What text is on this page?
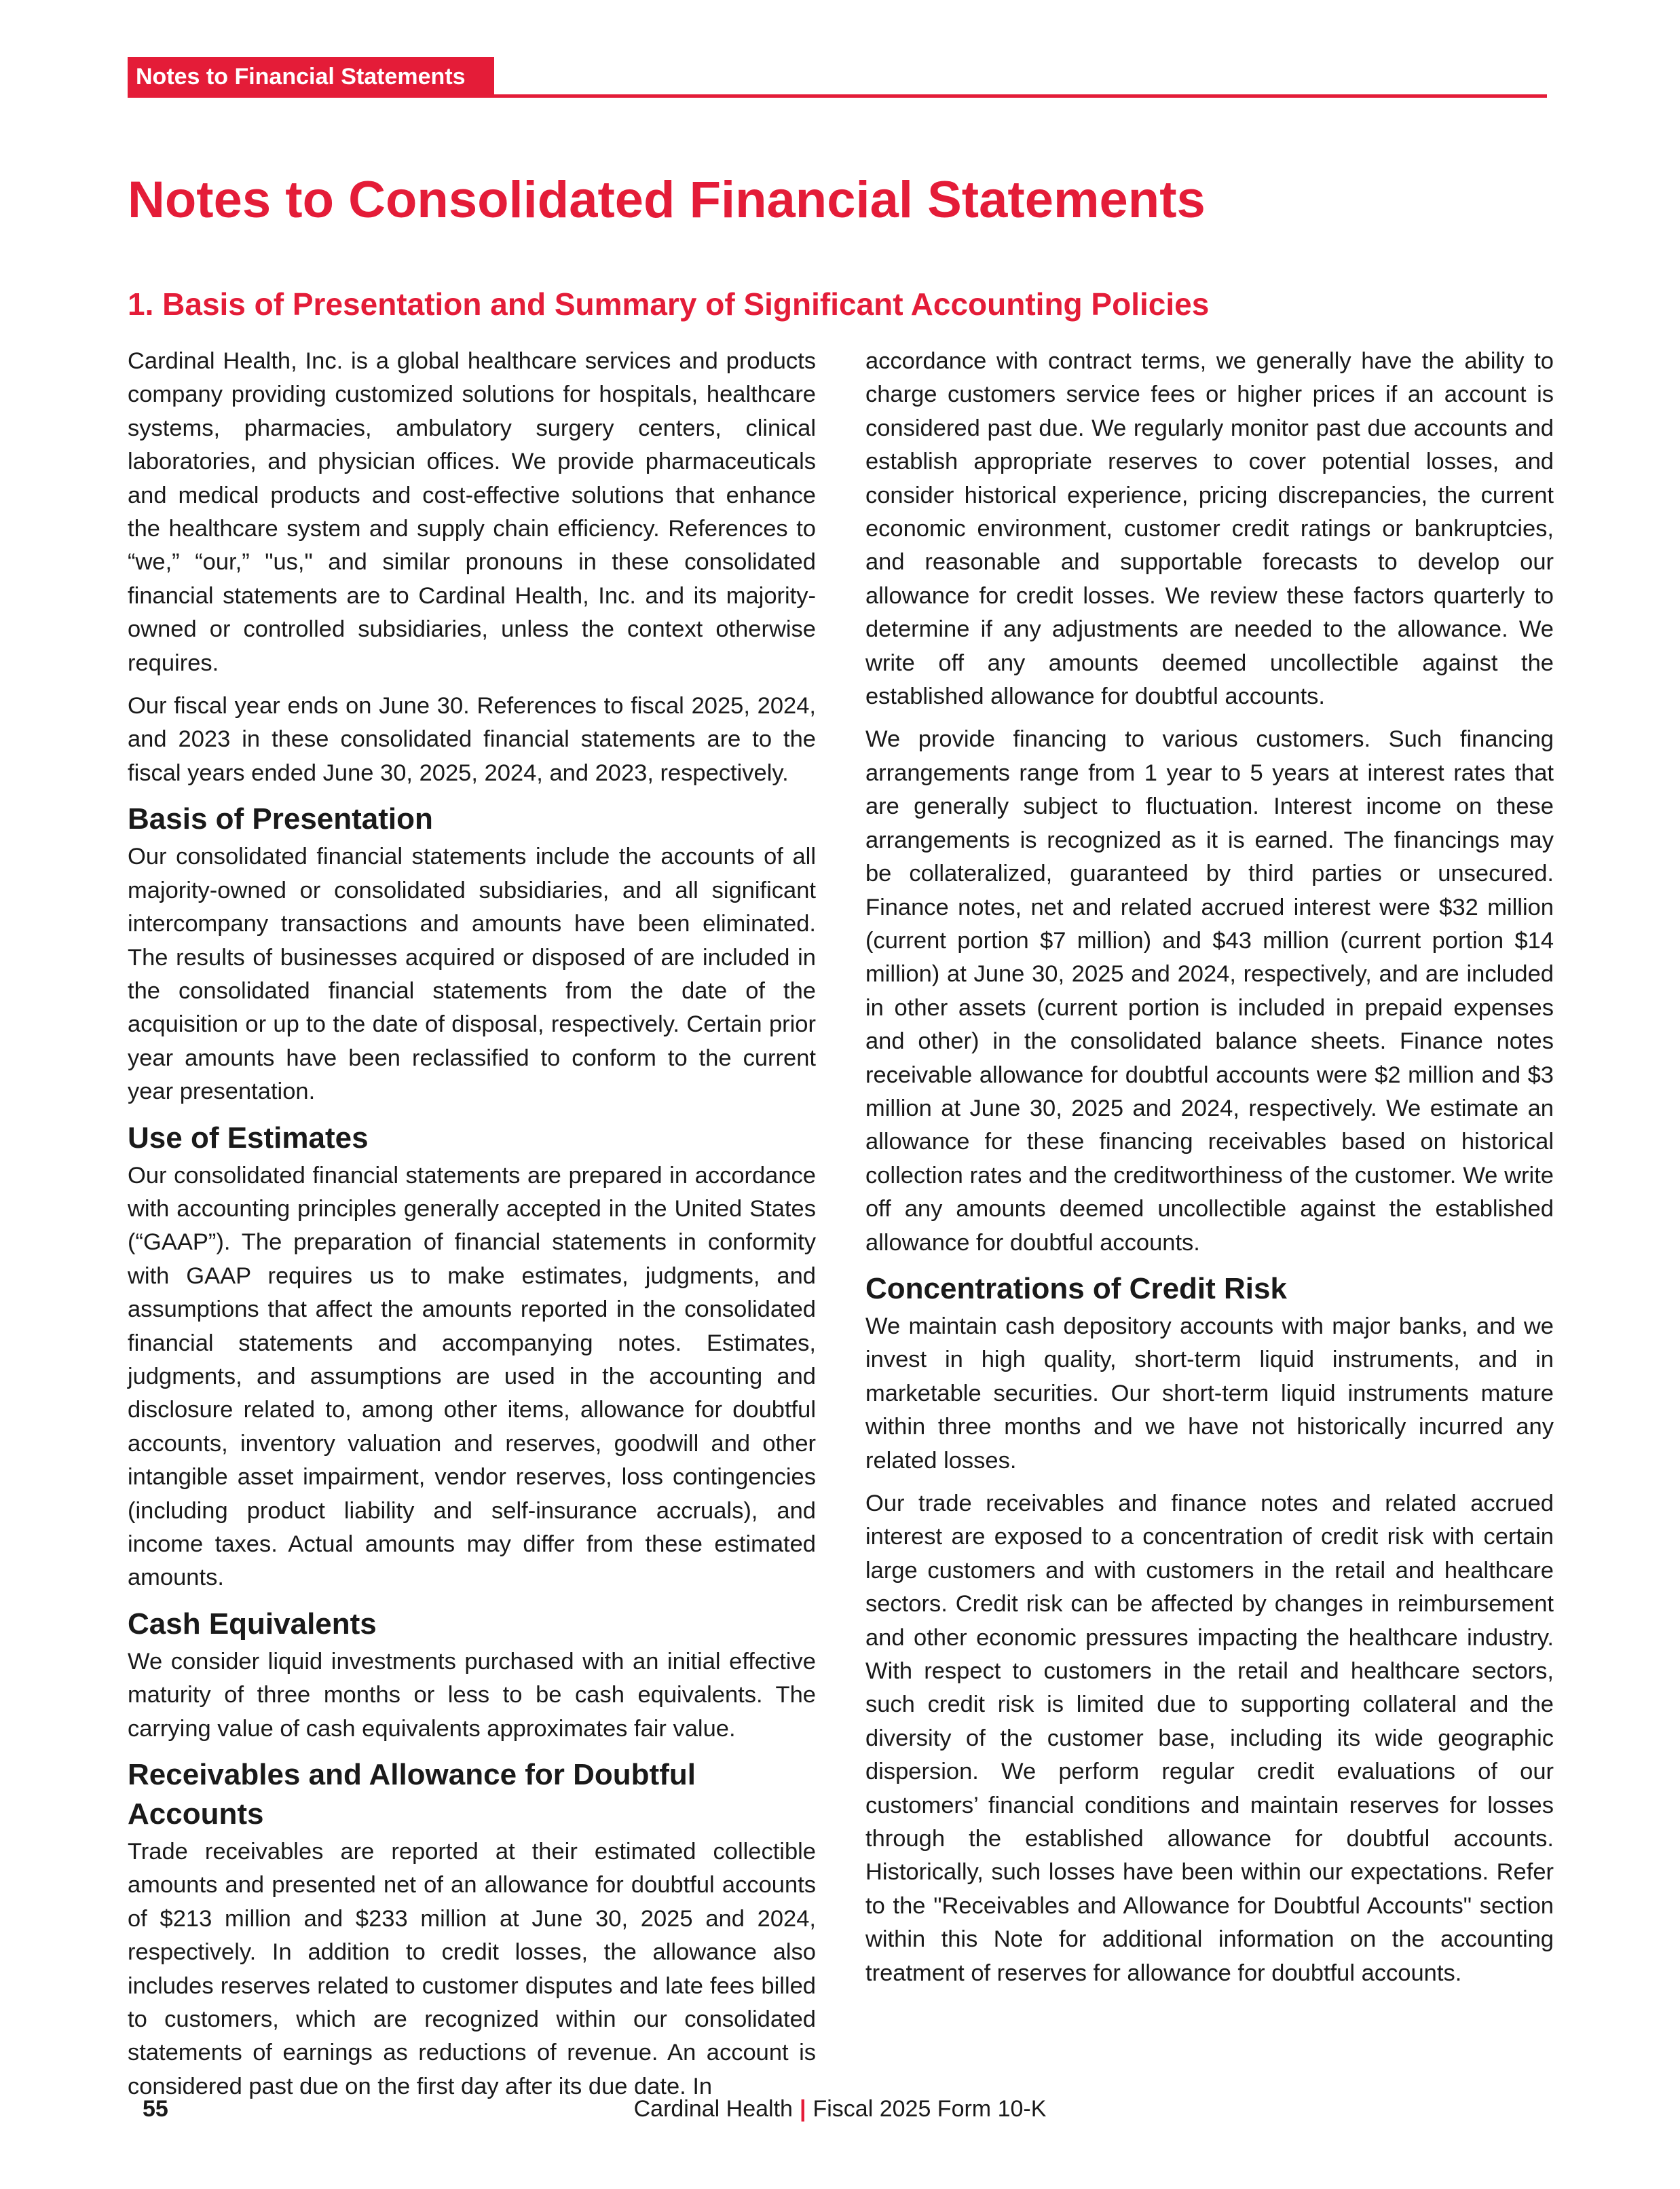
Notes to Financial Statements
Notes to Consolidated Financial Statements
1. Basis of Presentation and Summary of Significant Accounting Policies

Cardinal Health, Inc. is a global healthcare services and products company providing customized solutions for hospitals, healthcare systems, pharmacies, ambulatory surgery centers, clinical laboratories, and physician offices. We provide pharmaceuticals and medical products and cost-effective solutions that enhance the healthcare system and supply chain efficiency. References to “we,” “our,” "us," and similar pronouns in these consolidated financial statements are to Cardinal Health, Inc. and its majority-owned or controlled subsidiaries, unless the context otherwise requires.

Our fiscal year ends on June 30. References to fiscal 2025, 2024, and 2023 in these consolidated financial statements are to the fiscal years ended June 30, 2025, 2024, and 2023, respectively.

Basis of Presentation

Our consolidated financial statements include the accounts of all majority-owned or consolidated subsidiaries, and all significant intercompany transactions and amounts have been eliminated. The results of businesses acquired or disposed of are included in the consolidated financial statements from the date of the acquisition or up to the date of disposal, respectively. Certain prior year amounts have been reclassified to conform to the current year presentation.

Use of Estimates

Our consolidated financial statements are prepared in accordance with accounting principles generally accepted in the United States (“GAAP”). The preparation of financial statements in conformity with GAAP requires us to make estimates, judgments, and assumptions that affect the amounts reported in the consolidated financial statements and accompanying notes. Estimates, judgments, and assumptions are used in the accounting and disclosure related to, among other items, allowance for doubtful accounts, inventory valuation and reserves, goodwill and other intangible asset impairment, vendor reserves, loss contingencies (including product liability and self-insurance accruals), and income taxes. Actual amounts may differ from these estimated amounts.

Cash Equivalents

We consider liquid investments purchased with an initial effective maturity of three months or less to be cash equivalents. The carrying value of cash equivalents approximates fair value.

Receivables and Allowance for Doubtful Accounts

Trade receivables are reported at their estimated collectible amounts and presented net of an allowance for doubtful accounts of $213 million and $233 million at June 30, 2025 and 2024, respectively. In addition to credit losses, the allowance also includes reserves related to customer disputes and late fees billed to customers, which are recognized within our consolidated statements of earnings as reductions of revenue. An account is considered past due on the first day after its due date. In

accordance with contract terms, we generally have the ability to charge customers service fees or higher prices if an account is considered past due. We regularly monitor past due accounts and establish appropriate reserves to cover potential losses, and consider historical experience, pricing discrepancies, the current economic environment, customer credit ratings or bankruptcies, and reasonable and supportable forecasts to develop our allowance for credit losses. We review these factors quarterly to determine if any adjustments are needed to the allowance. We write off any amounts deemed uncollectible against the established allowance for doubtful accounts.

We provide financing to various customers. Such financing arrangements range from 1 year to 5 years at interest rates that are generally subject to fluctuation. Interest income on these arrangements is recognized as it is earned. The financings may be collateralized, guaranteed by third parties or unsecured. Finance notes, net and related accrued interest were $32 million (current portion $7 million) and $43 million (current portion $14 million) at June 30, 2025 and 2024, respectively, and are included in other assets (current portion is included in prepaid expenses and other) in the consolidated balance sheets. Finance notes receivable allowance for doubtful accounts were $2 million and $3 million at June 30, 2025 and 2024, respectively. We estimate an allowance for these financing receivables based on historical collection rates and the creditworthiness of the customer. We write off any amounts deemed uncollectible against the established allowance for doubtful accounts.

Concentrations of Credit Risk

We maintain cash depository accounts with major banks, and we invest in high quality, short-term liquid instruments, and in marketable securities. Our short-term liquid instruments mature within three months and we have not historically incurred any related losses.

Our trade receivables and finance notes and related accrued interest are exposed to a concentration of credit risk with certain large customers and with customers in the retail and healthcare sectors. Credit risk can be affected by changes in reimbursement and other economic pressures impacting the healthcare industry. With respect to customers in the retail and healthcare sectors, such credit risk is limited due to supporting collateral and the diversity of the customer base, including its wide geographic dispersion. We perform regular credit evaluations of our customers’ financial conditions and maintain reserves for losses through the established allowance for doubtful accounts. Historically, such losses have been within our expectations. Refer to the "Receivables and Allowance for Doubtful Accounts" section within this Note for additional information on the accounting treatment of reserves for allowance for doubtful accounts.

55	Cardinal Health | Fiscal 2025 Form 10-K
